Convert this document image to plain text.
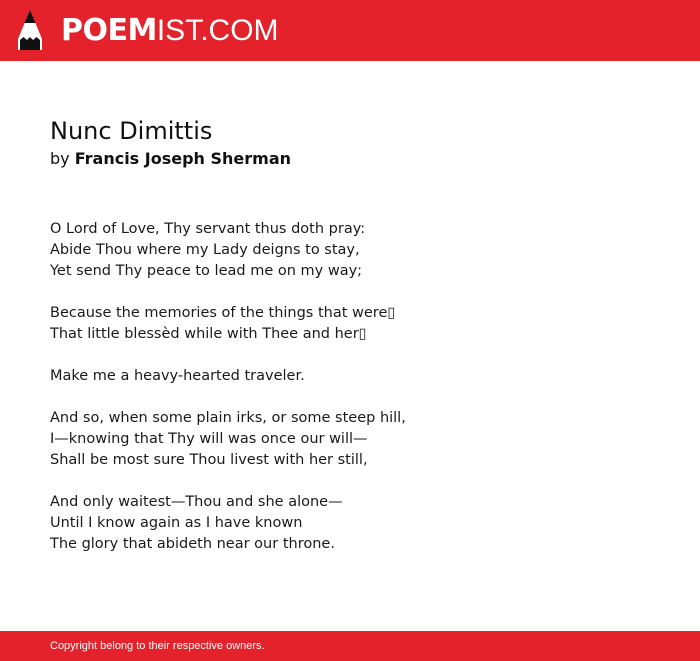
POEMIST.COM
Nunc Dimittis
by Francis Joseph Sherman
O Lord of Love, Thy servant thus doth pray:
Abide Thou where my Lady deigns to stay,
Yet send Thy peace to lead me on my way;
Because the memories of the things that were▯
That little blessèd while with Thee and her▯
Make me a heavy-hearted traveler.
And so, when some plain irks, or some steep hill,
I—knowing that Thy will was once our will—
Shall be most sure Thou livest with her still,
And only waitest—Thou and she alone—
Until I know again as I have known
The glory that abideth near our throne.
Copyright belong to their respective owners.
